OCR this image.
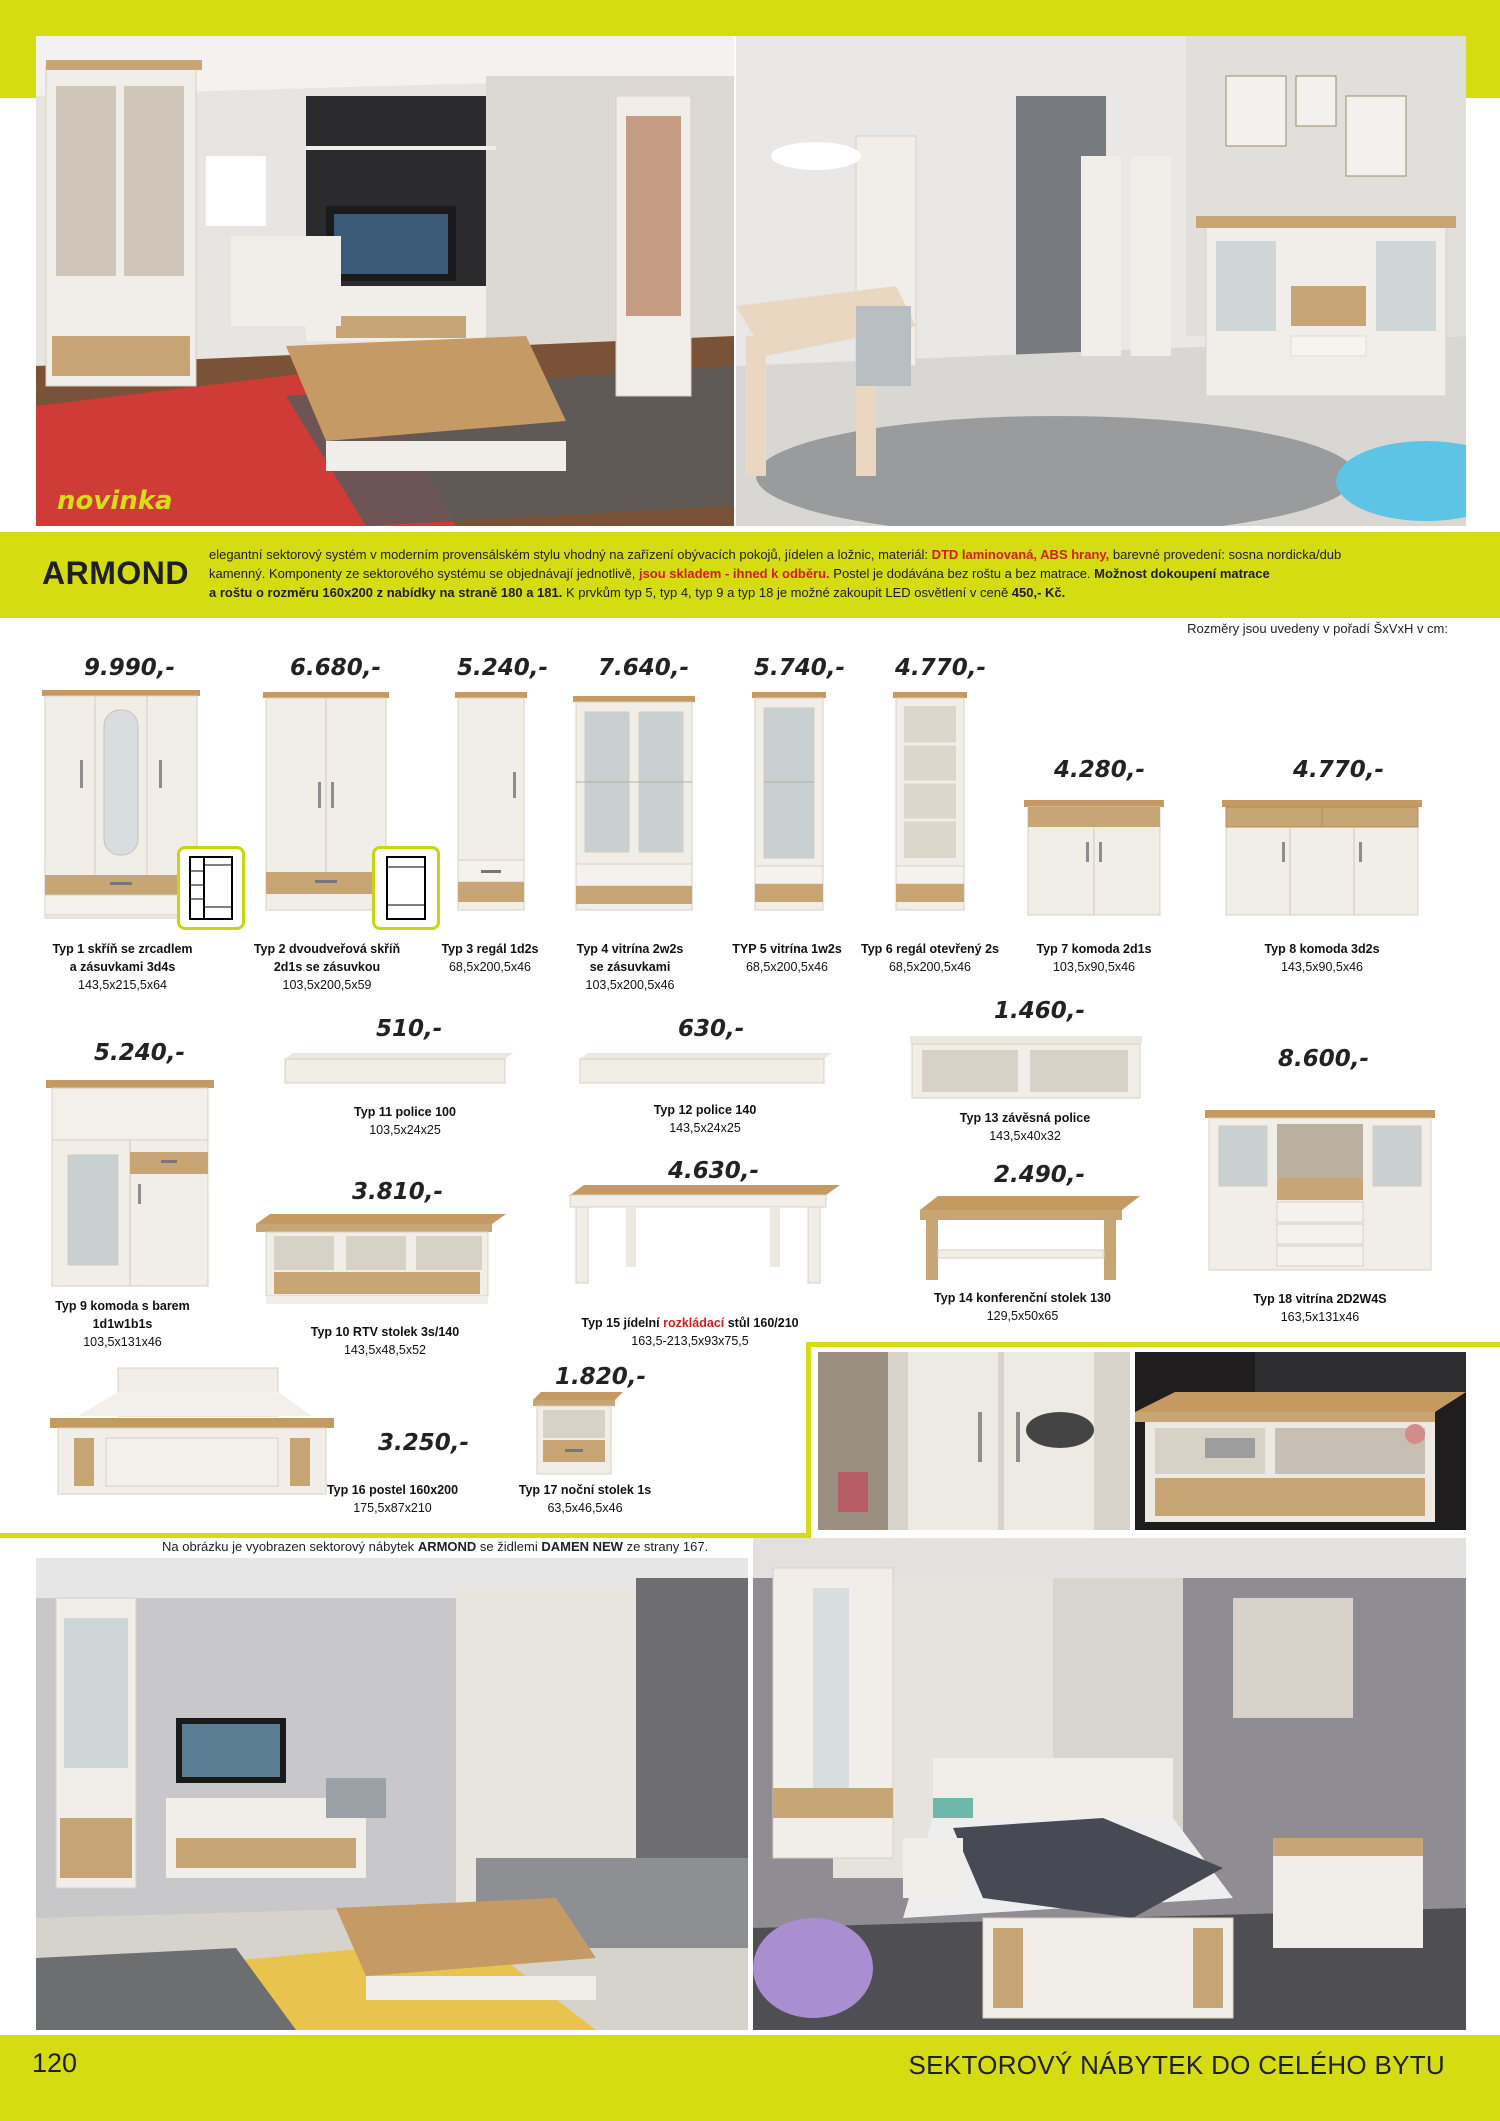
novinka
ARMOND
elegantní sektorový systém v moderním provensálském stylu vhodný na zařízení obývacích pokojů, jídelen a ložnic, materiál: DTD laminovaná, ABS hrany, barevné provedení: sosna nordicka/dub
kamenný. Komponenty ze sektorového systému se objednávají jednotlivě, jsou skladem - ihned k odběru. Postel je dodávána bez roštu a bez matrace. Možnost dokoupení matrace
a roštu o rozměru 160x200 z nabídky na straně 180 a 181. K prvkům typ 5, typ 4, typ 9 a typ 18 je možné zakoupit LED osvětlení v ceně 450,- Kč.
Rozměry jsou uvedeny v pořadí ŠxVxH v cm:
9.990,-
Typ 1 skříň se zrcadlem
a zásuvkami 3d4s
143,5x215,5x64
6.680,-
Typ 2 dvoudveřová skříň
2d1s se zásuvkou
103,5x200,5x59
5.240,-
Typ 3 regál 1d2s
68,5x200,5x46
7.640,-
Typ 4 vitrína 2w2s
se zásuvkami
103,5x200,5x46
5.740,-
TYP 5 vitrína 1w2s
68,5x200,5x46
4.770,-
Typ 6 regál otevřený 2s
68,5x200,5x46
4.280,-
Typ 7 komoda 2d1s
103,5x90,5x46
4.770,-
Typ 8 komoda 3d2s
143,5x90,5x46
5.240,-
Typ 9 komoda s barem
1d1w1b1s
103,5x131x46
510,-
Typ 11 police 100
103,5x24x25
630,-
Typ 12 police 140
143,5x24x25
1.460,-
Typ 13 závěsná police
143,5x40x32
8.600,-
Typ 18 vitrína 2D2W4S
163,5x131x46
3.810,-
Typ 10 RTV stolek 3s/140
143,5x48,5x52
4.630,-
Typ 15 jídelní rozkládací stůl 160/210
163,5-213,5x93x75,5
2.490,-
Typ 14 konferenční stolek 130
129,5x50x65
3.250,-
Typ 16 postel 160x200
175,5x87x210
1.820,-
Typ 17 noční stolek 1s
63,5x46,5x46
Na obrázku je vyobrazen sektorový nábytek ARMOND se židlemi DAMEN NEW ze strany 167.
120	SEKTOROVÝ NÁBYTEK DO CELÉHO BYTU
